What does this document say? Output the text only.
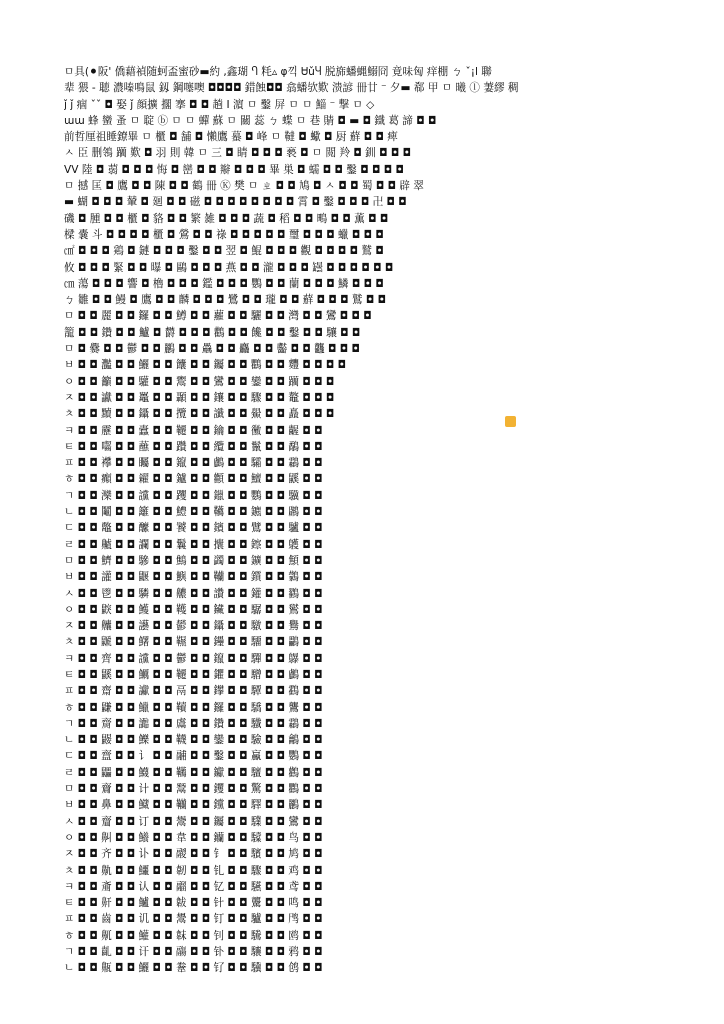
ㅁ具(⚫阪' 僑藉禎随蚵盃蜜砂▬約 ,鑫瑚 Ⴄ 粍▵ φ끽 ᏌǔႷ 脱旆蟠蝿鰯冏 竟味匈 痒棚 ㄅ ˇ¡l 聯
辈 猥 - 聴 濃嗪鳴鼠 釼 鋼噻噢 ◘◘◘◘ 錯蝕◘◘ 翕蟠欤歎 溃諺 冊廿 ⁻ 夕▬ 郗 甲 ㅁ 曦 ⓛ 萋繆 稠
ǰ ǰ 痼 ˇˇ ◘ 娶 ǰ 顔擴 擱 搴 ◘ ◘ 趟 Ⅰ 濵 ㅁ 鑿 屏 ㅁ ㅁ 鯔 ⁻ 撃 ㅁ ◇
ɯɯ 蜂 蠻 蚤 ㅁ 聢 ⓑ ㅁ ㅁ 蟬 蘇 ㅁ 關 蕊 ㄅ 蝶 ㅁ 巷 䝼 ◘ ▬ ◘ 鐵 葛 諦 ◘ ◘
前哲厘祖睡鐐畢 ㅁ 櫃 ◘ 舗 ◘ 懶鷹 蟇 ◘ 峰 ㅁ 韃 ◘ 蠍 ◘ 厨 蘚 ◘ ◘ 痺
ㅅ 臣 删鴒 躪 歎 ◘ 羽 則 韓 ㅁ 三 ◘ 睛 ◘ ◘ ◘ 褻 ◘ ㅁ 閲 羚 ◘ 釧 ◘ ◘ ◘
ⅤⅤ 陸 ◘ 蒻 ◘ ◘ ◘ 悔 ◘ 巒 ◘ ◘ 辮 ◘ ◘ ◘ 畢 巣 ◘ 蠕 ◘ ◘ 鑿 ◘ ◘ ◘ ◘
ㅁ 撼 匡 ◘ 鷹 ◘ ◘ 陳 ◘ ◘ 鶴 冊 Ⓚ 樊 ㅁ ㄓ ◘ ◘ 鳩 ◘ ㅅ ◘ ◘ 蜀 ◘ ◘ 辟 翠
▬ 蝴 ◘ ◘ ◘ 輦 ◘ 廻 ◘ ◘ 磁 ◘ ◘ ◘ ◘ ◘ ◘ ◘ ◘ 霄 ◘ 鑿 ◘ ◘ ◘ 卍 ◘ ◘
磯 ◘ 腫 ◘ ◘ 櫃 ◘ 貉 ◘ ◘ 繁 雑 ◘ ◘ ◘ 蔬 ◘ 稻 ◘ ◘ 鴫 ◘ ◘ 薫 ◘ ◘
樑 嚢 斗 ◘ ◘ ◘ ◘ 櫃 ◘ 鶯 ◘ ◘ 祿 ◘ ◘ ◘ ◘ ◘ 璽 ◘ ◘ ◘ 蠟 ◘ ◘ ◘
㎠ ◘ ◘ ◘ 鶏 ◘ 鏈 ◘ ◘ ◘ 鑿 ◘ ◘ 翌 ◘ 鯤 ◘ ◘ ◘ 觀 ◘ ◘ ◘ ◘ 鷲 ◘
攸 ◘ ◘ ◘ 緊 ◘ ◘ 曝 ◘ 鷗 ◘ ◘ ◘ 燕 ◘ ◘ 瀧 ◘ ◘ ◘ 罎 ◘ ◘ ◘ ◘ ◘ ◘
㎝ 蕩 ◘ ◘ ◘ 響 ◘ 櫓 ◘ ◘ ◘ 鑑 ◘ ◘ ◘ 鸚 ◘ ◘ 蘭 ◘ ◘ ◘ 鱗 ◘ ◘ ◘
ㄅ 雛 ◘ ◘ 鰻 ◘ 鷹 ◘ ◘ 麟 ◘ ◘ ◘ 鷺 ◘ ◘ 瓏 ◘ ◘ 蘚 ◘ ◘ ◘ 鷲 ◘ ◘
ㅁ ◘ ◘ 麗 ◘ ◘ 鑼 ◘ ◘ 鱒 ◘ ◘ 蘿 ◘ ◘ 驪 ◘ ◘ 灣 ◘ ◘ 鸞 ◘ ◘ ◘
籠 ◘ ◘ 鑽 ◘ ◘ 鱸 ◘ 欝 ◘ ◘ ◘ 鸛 ◘ ◘ 饞 ◘ ◘ 鑿 ◘ ◘ 驤 ◘ ◘
ㅁ ◘ 爨 ◘ ◘ 鬱 ◘ ◘ 鸝 ◘ ◘ 驫 ◘ ◘ 麤 ◘ ◘ 齾 ◘ ◘ 龘 ◘ ◘ ◘
ㅂ ◘ ◘ 灩 ◘ ◘ 鱺 ◘ ◘ 饢 ◘ ◘ 钃 ◘ ◘ 鸜 ◘ ◘ 麷 ◘ ◘ ◘ ◘
ㅇ ◘ ◘ 籲 ◘ ◘ 驩 ◘ ◘ 鬻 ◘ ◘ 鸞 ◘ ◘ 鑾 ◘ ◘ 躪 ◘ ◘ ◘
ㅈ ◘ ◘ 讞 ◘ ◘ 鼉 ◘ ◘ 顳 ◘ ◘ 鑲 ◘ ◘ 驟 ◘ ◘ 鼇 ◘ ◘ ◘
ㅊ ◘ ◘ 黷 ◘ ◘ 鑷 ◘ ◘ 攬 ◘ ◘ 讖 ◘ ◘ 鱟 ◘ ◘ 矗 ◘ ◘ ◘
ㅋ ◘ ◘ 靂 ◘ ◘ 蠹 ◘ ◘ 韆 ◘ ◘ 鑰 ◘ ◘ 黴 ◘ ◘ 齷 ◘ ◘
ㅌ ◘ ◘ 囓 ◘ ◘ 蘸 ◘ ◘ 躦 ◘ ◘ 纜 ◘ ◘ 鬣 ◘ ◘ 鷸 ◘ ◘
ㅍ ◘ ◘ 襻 ◘ ◘ 矚 ◘ ◘ 鑹 ◘ ◘ 鸕 ◘ ◘ 驦 ◘ ◘ 鸘 ◘ ◘
ㅎ ◘ ◘ 癲 ◘ ◘ 糴 ◘ ◘ 鑪 ◘ ◘ 顴 ◘ ◘ 鱣 ◘ ◘ 鼷 ◘ ◘
ㄱ ◘ ◘ 灤 ◘ ◘ 讜 ◘ ◘ 躩 ◘ ◘ 鑞 ◘ ◘ 鸚 ◘ ◘ 驥 ◘ ◘
ㄴ ◘ ◘ 鬮 ◘ ◘ 籬 ◘ ◘ 鱧 ◘ ◘ 韉 ◘ ◘ 鑣 ◘ ◘ 鸊 ◘ ◘
ㄷ ◘ ◘ 鼈 ◘ ◘ 醿 ◘ ◘ 饕 ◘ ◘ 鑌 ◘ ◘ 鷿 ◘ ◘ 驢 ◘ ◘
ㄹ ◘ ◘ 齇 ◘ ◘ 讕 ◘ ◘ 鬤 ◘ ◘ 攮 ◘ ◘ 鑔 ◘ ◘ 鸌 ◘ ◘
ㅁ ◘ ◘ 鱭 ◘ ◘ 驂 ◘ ◘ 鷦 ◘ ◘ 蠲 ◘ ◘ 鑛 ◘ ◘ 顦 ◘ ◘
ㅂ ◘ ◘ 讙 ◘ ◘ 鼴 ◘ ◘ 鱮 ◘ ◘ 韊 ◘ ◘ 鑕 ◘ ◘ 鸏 ◘ ◘
ㅅ ◘ ◘ 鬯 ◘ ◘ 驎 ◘ ◘ 齈 ◘ ◘ 讚 ◘ ◘ 鑵 ◘ ◘ 鸐 ◘ ◘
ㅇ ◘ ◘ 鼵 ◘ ◘ 鱯 ◘ ◘ 韄 ◘ ◘ 鑶 ◘ ◘ 驏 ◘ ◘ 鸑 ◘ ◘
ㅈ ◘ ◘ 齉 ◘ ◘ 讛 ◘ ◘ 鬰 ◘ ◘ 鑷 ◘ ◘ 驐 ◘ ◘ 鸒 ◘ ◘
ㅊ ◘ ◘ 鼶 ◘ ◘ 鱰 ◘ ◘ 韅 ◘ ◘ 鑸 ◘ ◘ 驑 ◘ ◘ 鸓 ◘ ◘
ㅋ ◘ ◘ 齊 ◘ ◘ 讜 ◘ ◘ 鬱 ◘ ◘ 鑹 ◘ ◘ 驒 ◘ ◘ 鸔 ◘ ◘
ㅌ ◘ ◘ 鼷 ◘ ◘ 鱱 ◘ ◘ 韆 ◘ ◘ 鑺 ◘ ◘ 驓 ◘ ◘ 鸕 ◘ ◘
ㅍ ◘ ◘ 齋 ◘ ◘ 讞 ◘ ◘ 鬲 ◘ ◘ 鑻 ◘ ◘ 驔 ◘ ◘ 鸖 ◘ ◘
ㅎ ◘ ◘ 鼸 ◘ ◘ 鱲 ◘ ◘ 韇 ◘ ◘ 鑼 ◘ ◘ 驕 ◘ ◘ 鸗 ◘ ◘
ㄱ ◘ ◘ 齌 ◘ ◘ 讟 ◘ ◘ 鬳 ◘ ◘ 鑽 ◘ ◘ 驖 ◘ ◘ 鸘 ◘ ◘
ㄴ ◘ ◘ 鼹 ◘ ◘ 鱳 ◘ ◘ 韈 ◘ ◘ 鑾 ◘ ◘ 驗 ◘ ◘ 鸙 ◘ ◘
ㄷ ◘ ◘ 齍 ◘ ◘ 讠 ◘ ◘ 鬴 ◘ ◘ 鑿 ◘ ◘ 驘 ◘ ◘ 鸚 ◘ ◘
ㄹ ◘ ◘ 鼺 ◘ ◘ 鱴 ◘ ◘ 韉 ◘ ◘ 钀 ◘ ◘ 驙 ◘ ◘ 鸛 ◘ ◘
ㅁ ◘ ◘ 齎 ◘ ◘ 计 ◘ ◘ 鬵 ◘ ◘ 钁 ◘ ◘ 驚 ◘ ◘ 鸜 ◘ ◘
ㅂ ◘ ◘ 鼻 ◘ ◘ 鱵 ◘ ◘ 韊 ◘ ◘ 钂 ◘ ◘ 驛 ◘ ◘ 鸝 ◘ ◘
ㅅ ◘ ◘ 齏 ◘ ◘ 订 ◘ ◘ 鬶 ◘ ◘ 钃 ◘ ◘ 驜 ◘ ◘ 鸞 ◘ ◘
ㅇ ◘ ◘ 鼼 ◘ ◘ 鱶 ◘ ◘ 韋 ◘ ◘ 钄 ◘ ◘ 驝 ◘ ◘ 鸟 ◘ ◘
ㅈ ◘ ◘ 齐 ◘ ◘ 讣 ◘ ◘ 鬷 ◘ ◘ 钅 ◘ ◘ 驞 ◘ ◘ 鸠 ◘ ◘
ㅊ ◘ ◘ 鼽 ◘ ◘ 鱷 ◘ ◘ 韌 ◘ ◘ 钆 ◘ ◘ 驟 ◘ ◘ 鸡 ◘ ◘
ㅋ ◘ ◘ 齑 ◘ ◘ 认 ◘ ◘ 鬸 ◘ ◘ 钇 ◘ ◘ 驠 ◘ ◘ 鸢 ◘ ◘
ㅌ ◘ ◘ 鼾 ◘ ◘ 鱸 ◘ ◘ 韍 ◘ ◘ 针 ◘ ◘ 驡 ◘ ◘ 鸣 ◘ ◘
ㅍ ◘ ◘ 齒 ◘ ◘ 讥 ◘ ◘ 鬹 ◘ ◘ 钉 ◘ ◘ 驢 ◘ ◘ 鸤 ◘ ◘
ㅎ ◘ ◘ 鼿 ◘ ◘ 鱹 ◘ ◘ 韎 ◘ ◘ 钊 ◘ ◘ 驣 ◘ ◘ 鸥 ◘ ◘
ㄱ ◘ ◘ 齓 ◘ ◘ 讦 ◘ ◘ 鬺 ◘ ◘ 钋 ◘ ◘ 驤 ◘ ◘ 鸦 ◘ ◘
ㄴ ◘ ◘ 齀 ◘ ◘ 鱺 ◘ ◘ 韏 ◘ ◘ 钌 ◘ ◘ 驥 ◘ ◘ 鸧 ◘ ◘
